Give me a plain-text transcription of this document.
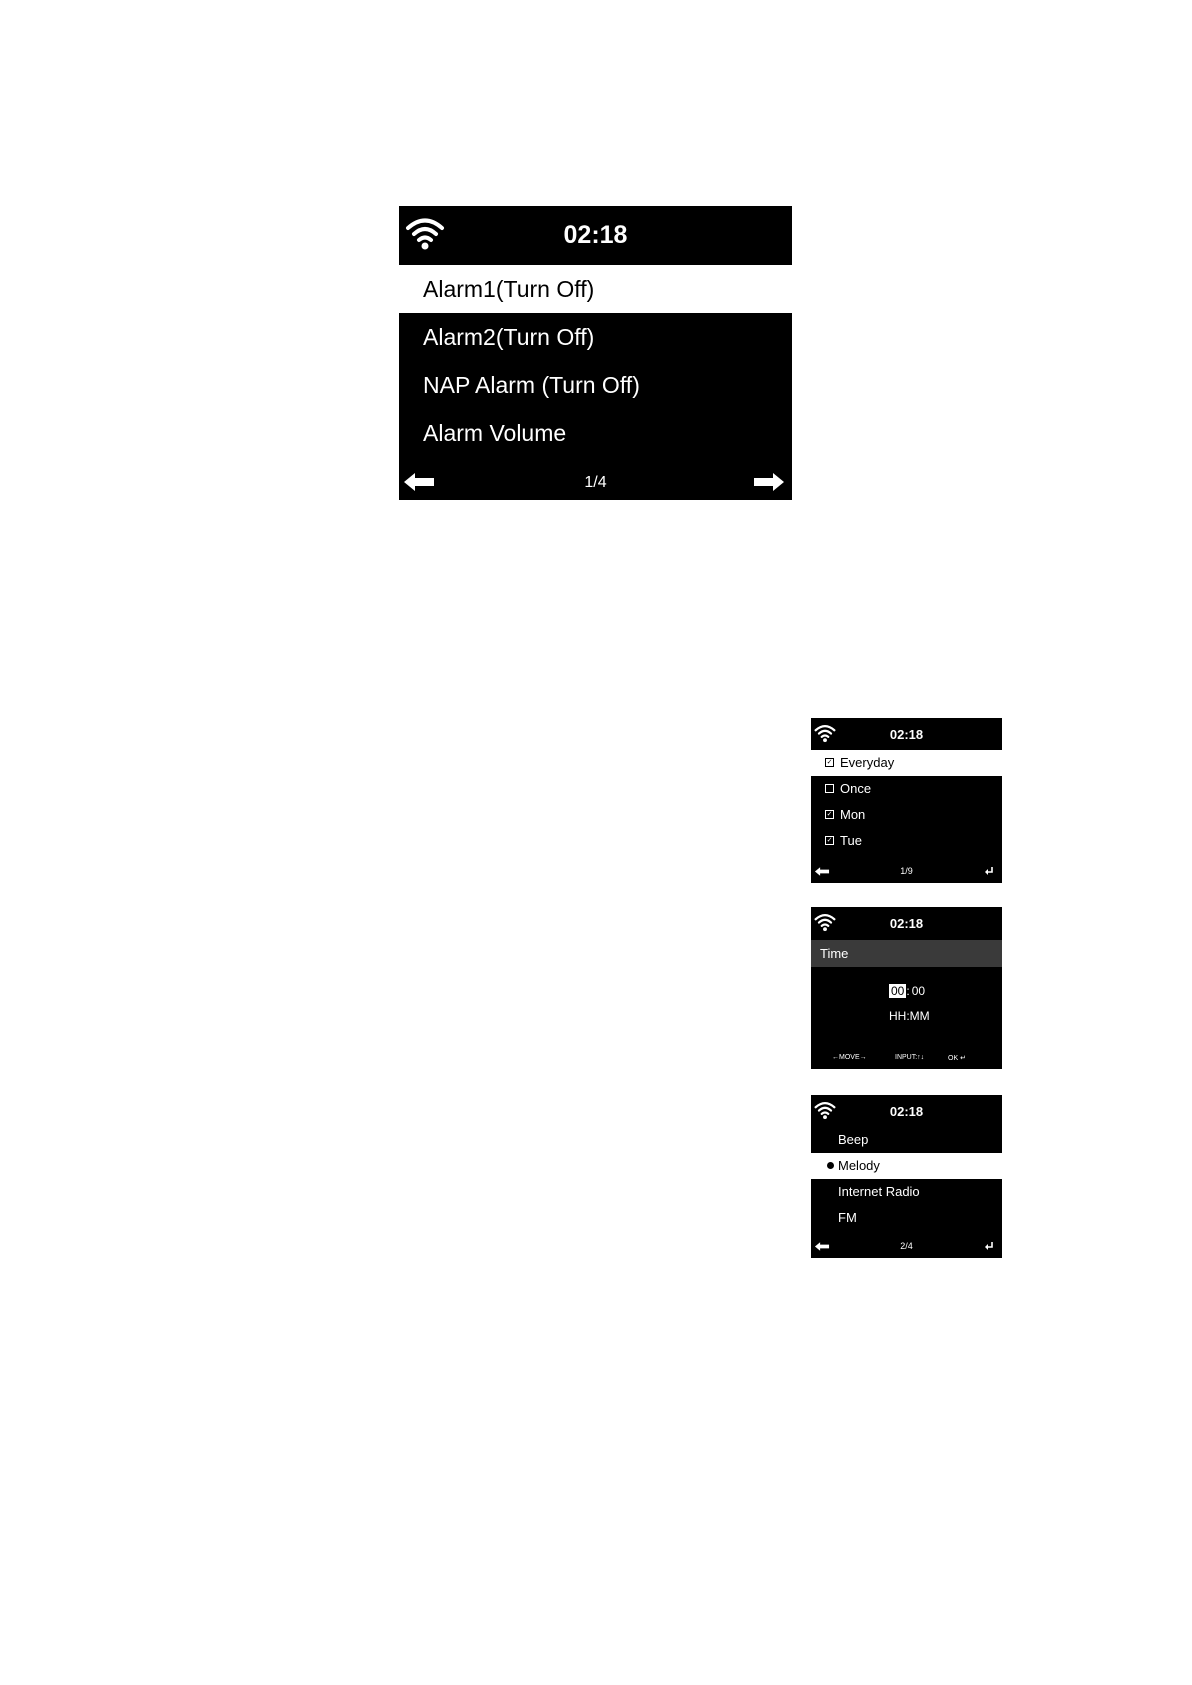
02:18
Alarm1(Turn Off)
Alarm2(Turn Off)
NAP Alarm (Turn Off)
Alarm Volume
1/4
02:18
✓ Everyday
Once
✓ Mon
✓ Tue
1/9
02:18
Time
00 : 00
HH:MM
←MOVE→	INPUT:↑↓	OK ↵
02:18
Beep
Melody
Internet Radio
FM
2/4
